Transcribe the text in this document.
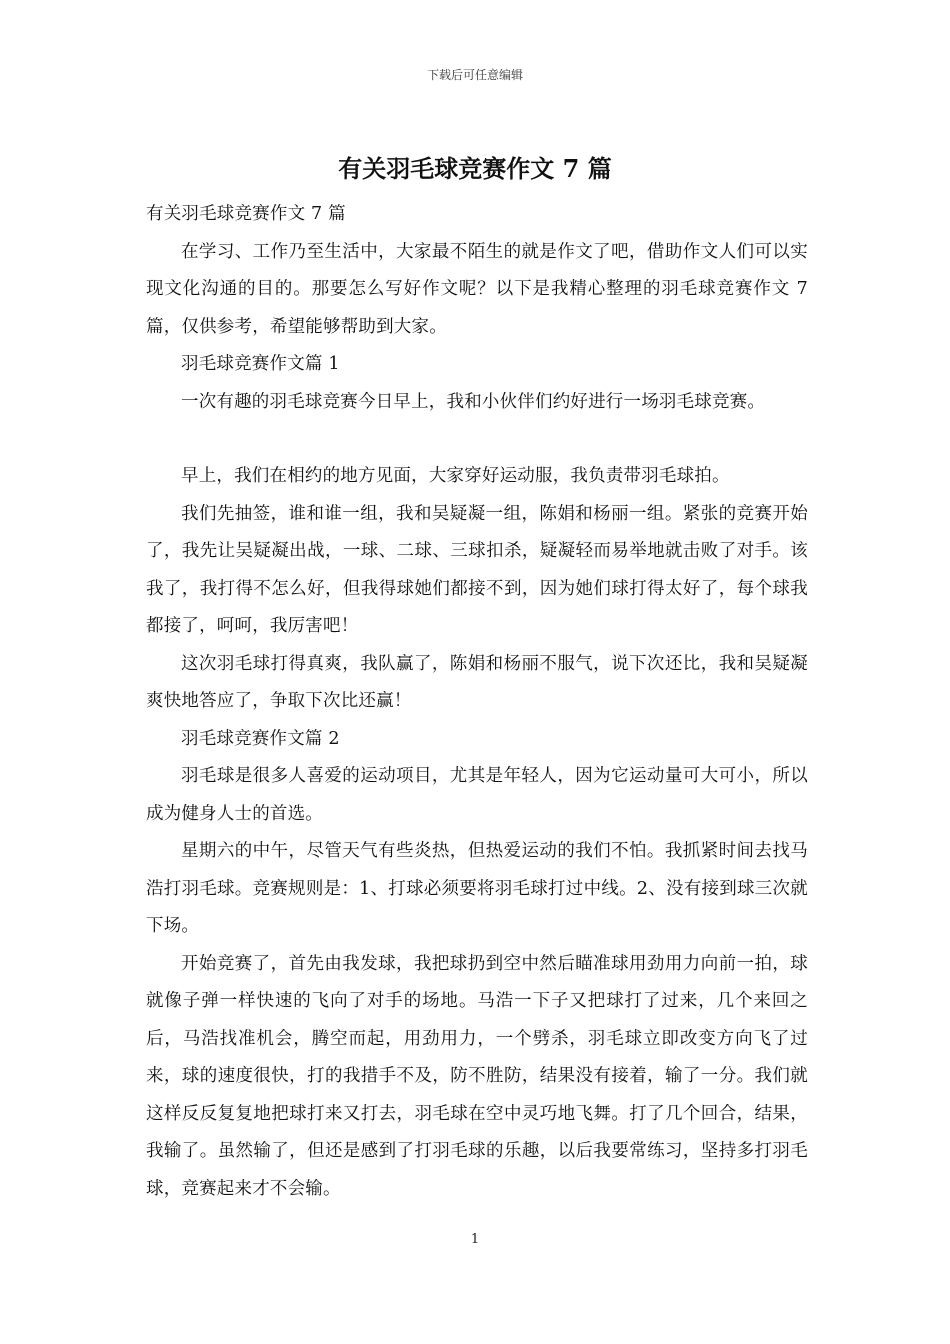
下载后可任意编辑
有关羽毛球竞赛作文 7 篇

有关羽毛球竞赛作文 7 篇

在学习、工作乃至生活中，大家最不陌生的就是作文了吧，借助作文人们可以实现文化沟通的目的。那要怎么写好作文呢？以下是我精心整理的羽毛球竞赛作文 7 篇，仅供参考，希望能够帮助到大家。

羽毛球竞赛作文篇 1

一次有趣的羽毛球竞赛今日早上，我和小伙伴们约好进行一场羽毛球竞赛。

早上，我们在相约的地方见面，大家穿好运动服，我负责带羽毛球拍。

我们先抽签，谁和谁一组，我和吴疑凝一组，陈娟和杨丽一组。紧张的竞赛开始了，我先让吴疑凝出战，一球、二球、三球扣杀，疑凝轻而易举地就击败了对手。该我了，我打得不怎么好，但我得球她们都接不到，因为她们球打得太好了，每个球我都接了，呵呵，我厉害吧！

这次羽毛球打得真爽，我队赢了，陈娟和杨丽不服气，说下次还比，我和吴疑凝爽快地答应了，争取下次比还赢！

羽毛球竞赛作文篇 2

羽毛球是很多人喜爱的运动项目，尤其是年轻人，因为它运动量可大可小，所以成为健身人士的首选。

星期六的中午，尽管天气有些炎热，但热爱运动的我们不怕。我抓紧时间去找马浩打羽毛球。竞赛规则是：1、打球必须要将羽毛球打过中线。2、没有接到球三次就下场。

开始竞赛了，首先由我发球，我把球扔到空中然后瞄准球用劲用力向前一拍，球就像子弹一样快速的飞向了对手的场地。马浩一下子又把球打了过来，几个来回之后，马浩找准机会，腾空而起，用劲用力，一个劈杀，羽毛球立即改变方向飞了过来，球的速度很快，打的我措手不及，防不胜防，结果没有接着，输了一分。我们就这样反反复复地把球打来又打去，羽毛球在空中灵巧地飞舞。打了几个回合，结果，我输了。虽然输了，但还是感到了打羽毛球的乐趣，以后我要常练习，坚持多打羽毛球，竞赛起来才不会输。

1
